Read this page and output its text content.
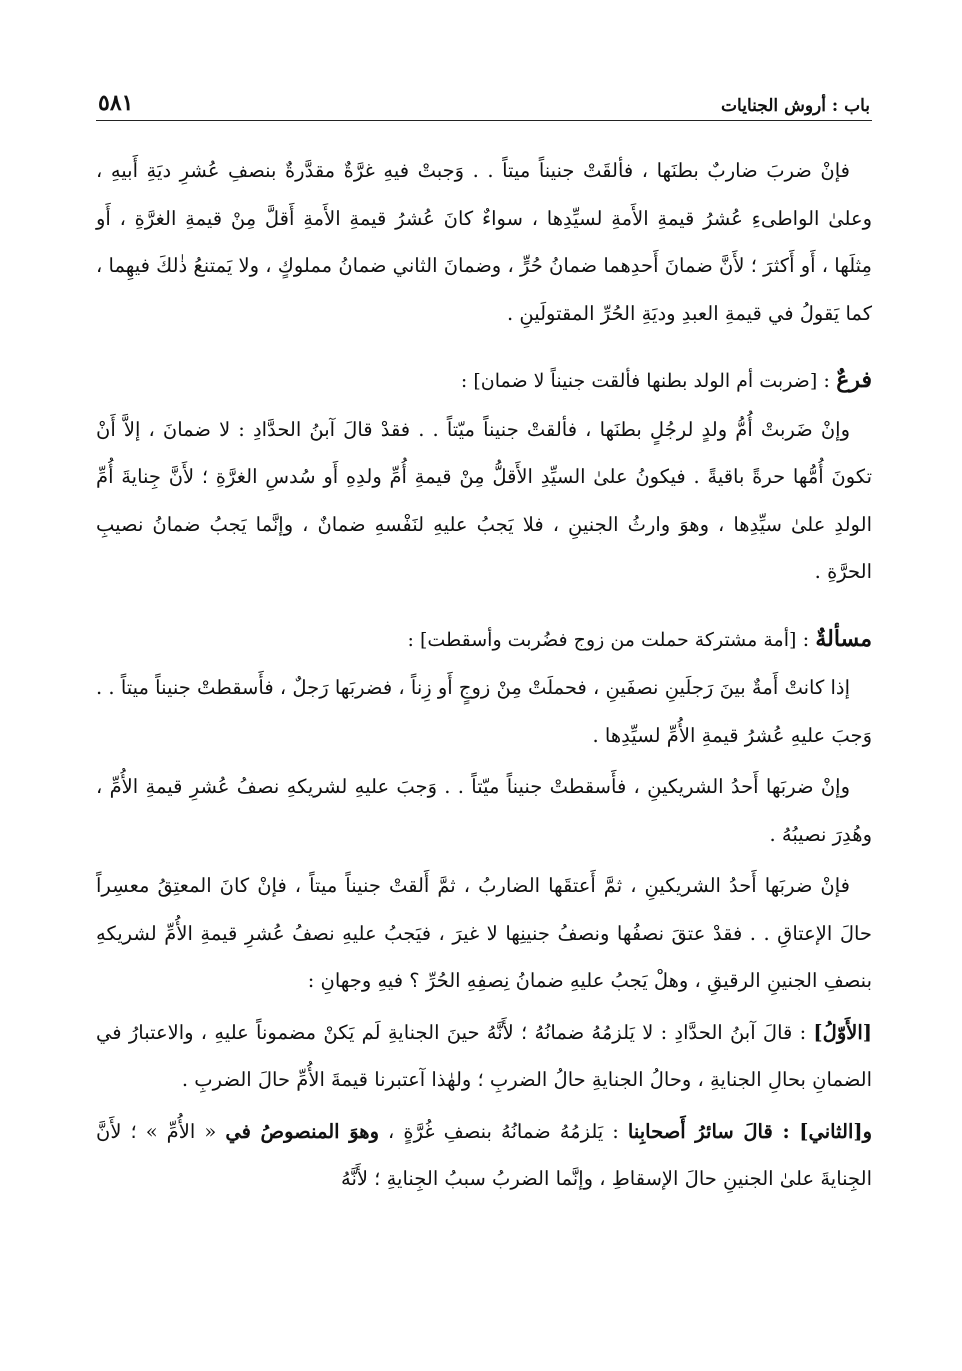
باب : أروش الجنايات
٥٨١

فإنْ ضربَ ضاربٌ بطنَها ، فألقَتْ جنيناً ميتاً . . وَجبتْ فيهِ غرَّةٌ مقدَّرةٌ بنصفِ عُشرِ ديَةِ أَبيهِ ، وعلىٰ الواطىءِ عُشرُ قيمةِ الأَمةِ لسيِّدِها ، سواءٌ كانَ عُشرُ قيمةِ الأَمةِ أَقلَّ مِنْ قيمةِ الغرَّةِ ، أَو مِثلَها ، أَو أَكثرَ ؛ لأَنَّ ضمانَ أَحدِهما ضمانُ حُرٍّ ، وضمانَ الثاني ضمانُ مملوكٍ ، ولا يَمتنعُ ذٰلكَ فيهِما ، كما يَقولُ في قيمةِ العبدِ وديَةِ الحُرِّ المقتولَينِ .

فرعٌ : [ضربت أم الولد بطنها فألقت جنيناً لا ضمان] :

وإنْ ضَربتْ أُمُّ ولدٍ لرجُلٍ بطنَها ، فألقتْ جنيناً ميّتاً . . فقدْ قالَ آبنُ الحدَّادِ : لا ضمانَ ، إلاَّ أَنْ تكونَ أُمُّها حرةً باقيةً . فيكونُ علىٰ السيِّدِ الأَقلُّ مِنْ قيمةِ أُمِّ ولدِهِ أَو سُدسِ الغرَّةِ ؛ لأَنَّ جِنايةَ أُمِّ الولدِ علىٰ سيِّدِها ، وهوَ وارثُ الجنينِ ، فلا يَجبُ عليهِ لنَفْسهِ ضمانٌ ، وإنَّما يَجبُ ضمانُ نصيبِ الحرَّةِ .

مسألةٌ : [أمة مشتركة حملت من زوج فضُربت وأسقطت] :

إذا كانتْ أَمةٌ بينَ رَجلَينِ نصفَينِ ، فحملَتْ مِنْ زوجٍ أَو زِناً ، فضربَها رَجلٌ ، فأَسقطتْ جنيناً ميتاً . . وَجبَ عليهِ عُشرُ قيمةِ الأُمِّ لسيِّدِها .

وإنْ ضربَها أَحدُ الشريكينِ ، فأَسقطتْ جنيناً ميّتاً . . وَجبَ عليهِ لشريكهِ نصفُ عُشرِ قيمةِ الأُمِّ ، وهُدِرَ نصيبُهُ .

فإنْ ضربَها أَحدُ الشريكينِ ، ثمَّ أَعتقَها الضاربُ ، ثمَّ أَلقتْ جنيناً ميتاً ، فإنْ كانَ المعتِقُ معسِراً حالَ الإعتاقِ . . فقدْ عتقَ نصفُها ونصفُ جنينِها لا غيرَ ، فيَجبُ عليهِ نصفُ عُشرِ قيمةِ الأُمِّ لشريكهِ بنصفِ الجنينِ الرقيقِ ، وهلْ يَجبُ عليهِ ضمانُ نِصفِهِ الحُرِّ ؟ فيهِ وجهانِ :

[الأَوّلُ] : قالَ آبنُ الحدَّادِ : لا يَلزمُهُ ضمانُهُ ؛ لأَنَّهُ حينَ الجنايةِ لَم يَكنْ مضموناً عليهِ ، والاعتبارُ في الضمانِ بحالِ الجنايةِ ، وحالُ الجنايةِ حالُ الضربِ ؛ ولهٰذا آعتبرنا قيمةَ الأُمِّ حالَ الضربِ .

و[الثاني] : قالَ سائرُ أَصحابِنا : يَلزمُهُ ضمانُهُ بنصفِ غُرَّةٍ ، وهوَ المنصوصُ في « الأُمِّ » ؛ لأَنَّ الجِنايةَ علىٰ الجنينِ حالَ الإسقاطِ ، وإنَّما الضربُ سببُ الجِنايةِ ؛ لأَنَّهُ
